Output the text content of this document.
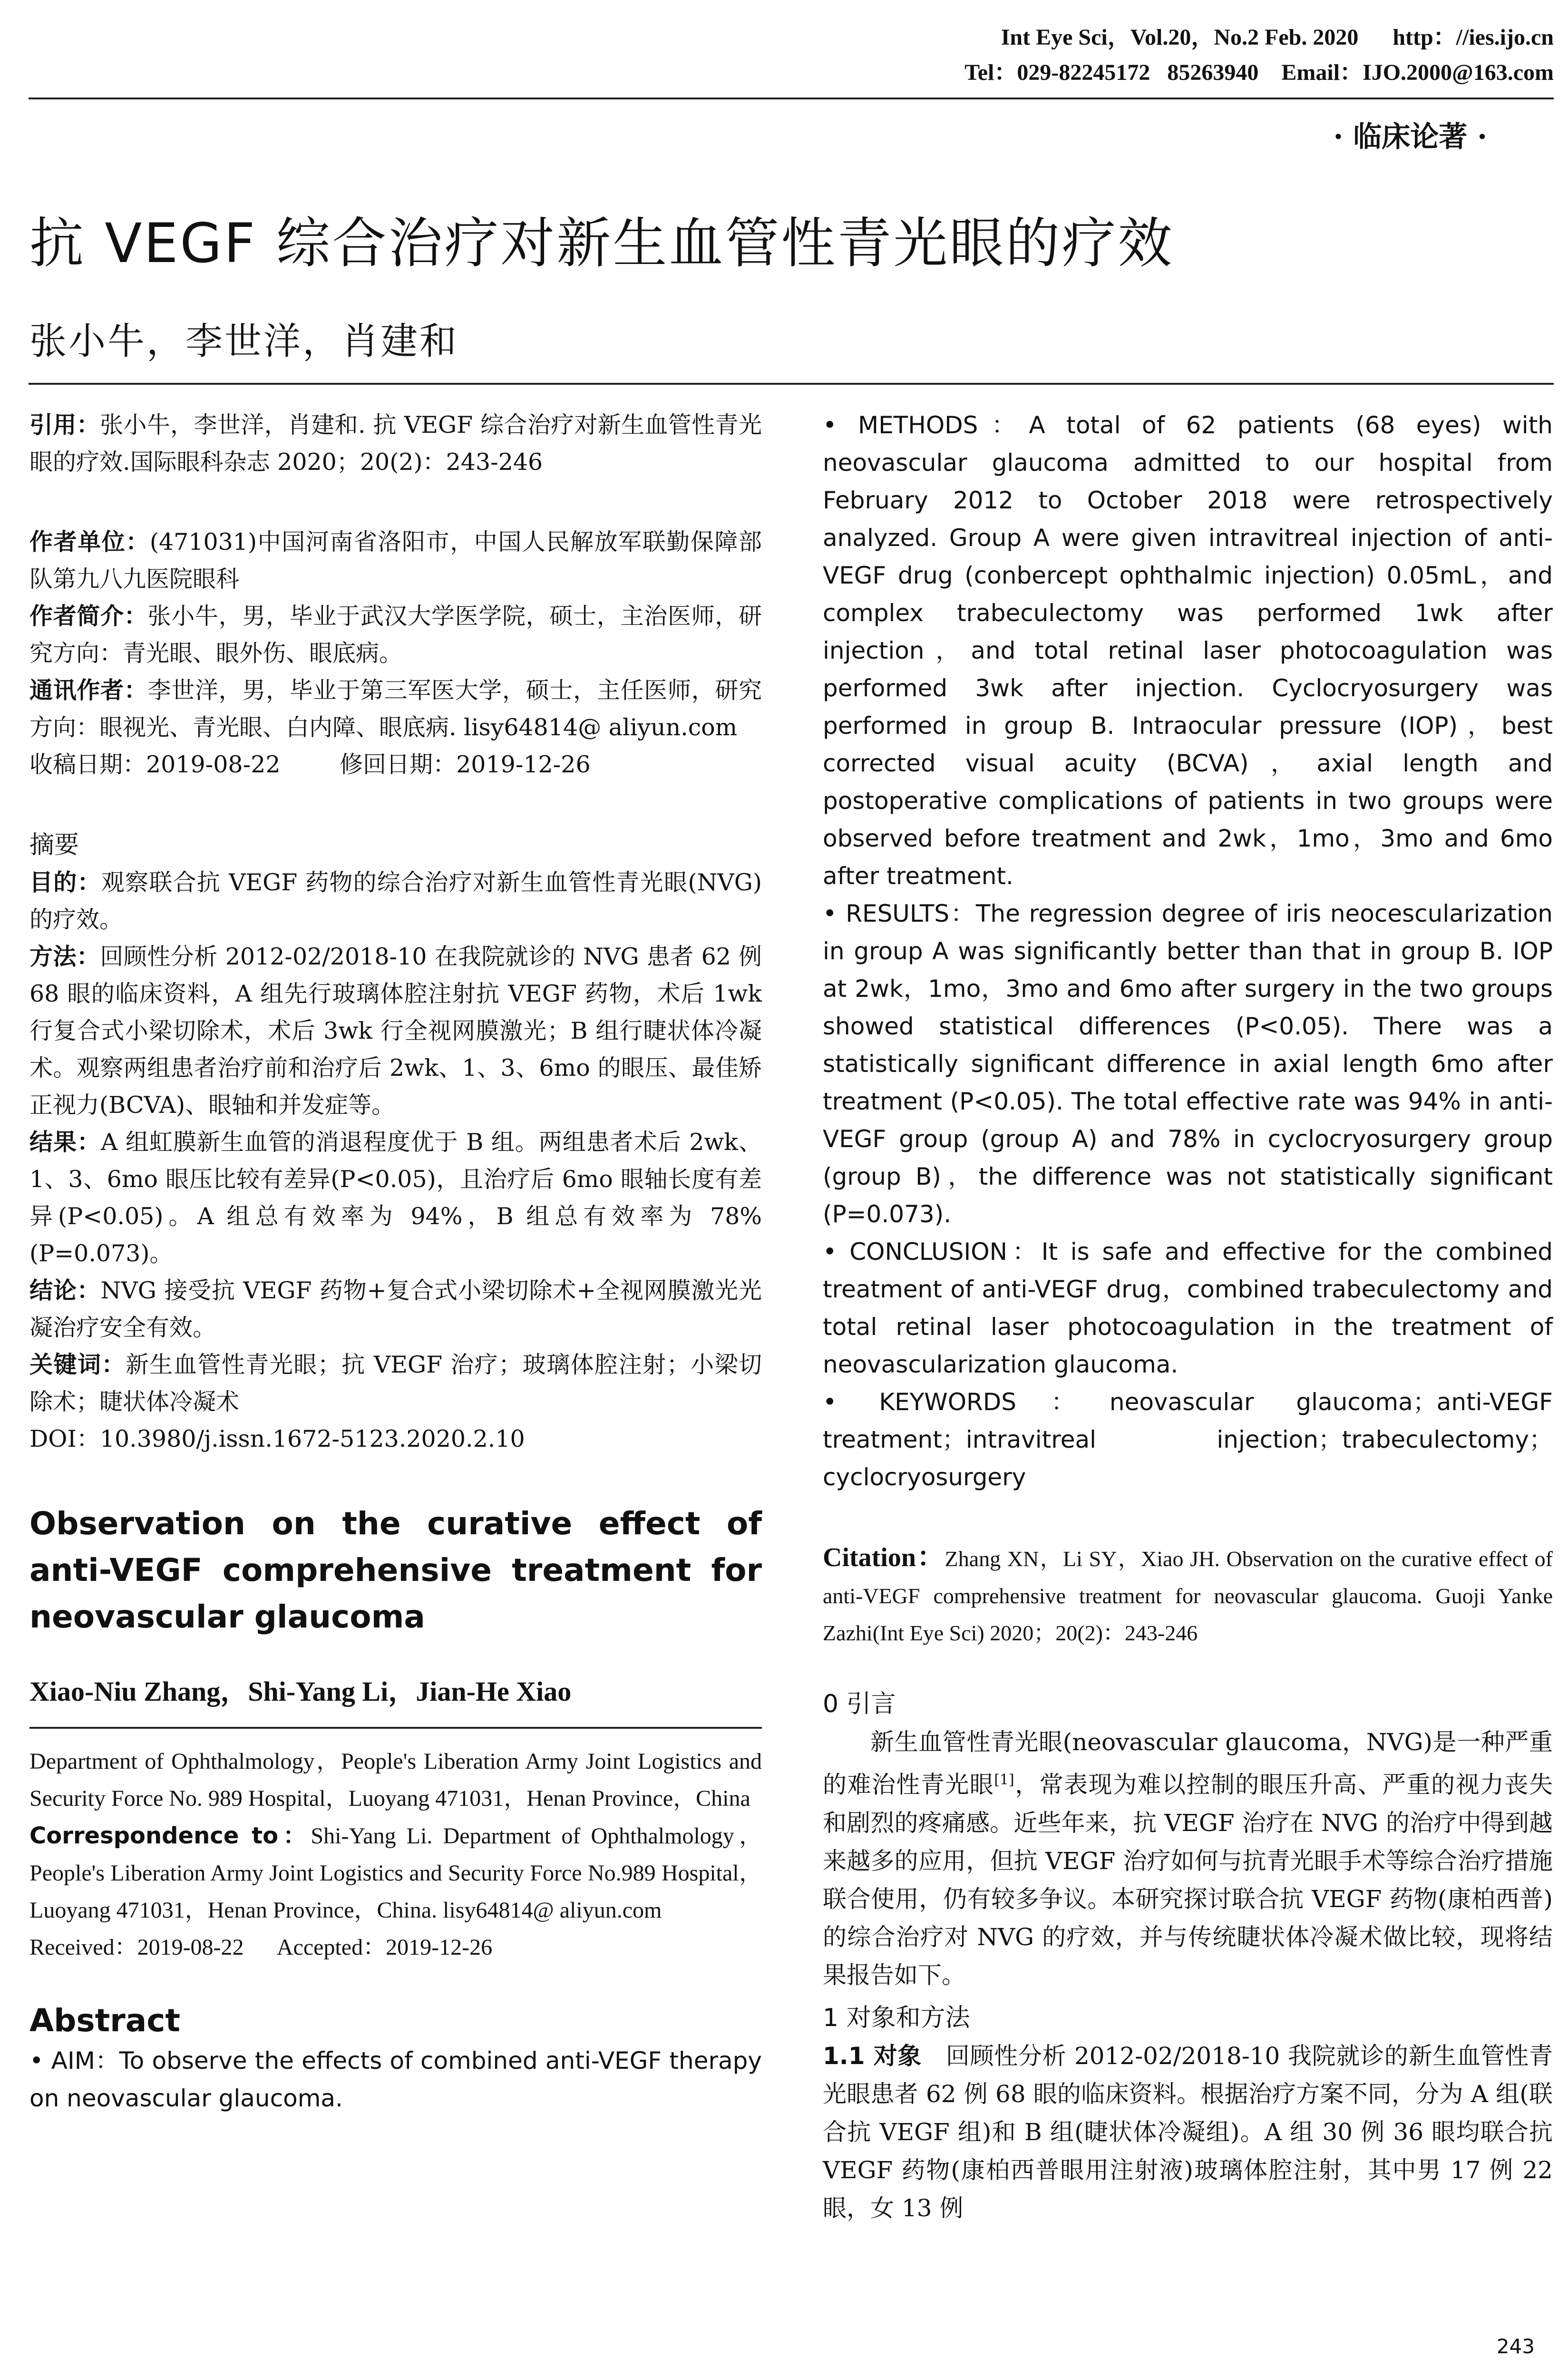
Int Eye Sci，Vol.20，No.2 Feb. 2020      http：//ies.ijo.cn
Tel：029-82245172   85263940    Email：IJO.2000@163.com
· 临床论著 ·
抗 VEGF 综合治疗对新生血管性青光眼的疗效
张小牛，李世洋，肖建和

引用：张小牛，李世洋，肖建和. 抗 VEGF 综合治疗对新生血管性青光眼的疗效.国际眼科杂志 2020；20(2)：243-246

作者单位：(471031)中国河南省洛阳市，中国人民解放军联勤保障部队第九八九医院眼科

作者简介：张小牛，男，毕业于武汉大学医学院，硕士，主治医师，研究方向：青光眼、眼外伤、眼底病。

通讯作者：李世洋，男，毕业于第三军医大学，硕士，主任医师，研究方向：眼视光、青光眼、白内障、眼底病. lisy64814@ aliyun.com

收稿日期：2019-08-22        修回日期：2019-12-26

摘要

目的：观察联合抗 VEGF 药物的综合治疗对新生血管性青光眼(NVG)的疗效。

方法：回顾性分析 2012-02/2018-10 在我院就诊的 NVG 患者 62 例 68 眼的临床资料，A 组先行玻璃体腔注射抗 VEGF 药物，术后 1wk 行复合式小梁切除术，术后 3wk 行全视网膜激光；B 组行睫状体冷凝术。观察两组患者治疗前和治疗后 2wk、1、3、6mo 的眼压、最佳矫正视力(BCVA)、眼轴和并发症等。

结果：A 组虹膜新生血管的消退程度优于 B 组。两组患者术后 2wk、1、3、6mo 眼压比较有差异(P<0.05)，且治疗后 6mo 眼轴长度有差异(P<0.05)。A 组总有效率为 94%，B 组总有效率为 78%(P=0.073)。

结论：NVG 接受抗 VEGF 药物+复合式小梁切除术+全视网膜激光光凝治疗安全有效。

关键词：新生血管性青光眼；抗 VEGF 治疗；玻璃体腔注射；小梁切除术；睫状体冷凝术

DOI：10.3980/j.issn.1672-5123.2020.2.10

Observation on the curative effect of anti-VEGF comprehensive treatment for neovascular glaucoma

Xiao-Niu Zhang，Shi-Yang Li，Jian-He Xiao

Department of Ophthalmology，People's Liberation Army Joint Logistics and Security Force No. 989 Hospital，Luoyang 471031，Henan Province，China

Correspondence to：Shi-Yang Li. Department of Ophthalmology，People's Liberation Army Joint Logistics and Security Force No.989 Hospital，Luoyang 471031，Henan Province，China. lisy64814@ aliyun.com

Received：2019-08-22      Accepted：2019-12-26

Abstract

• AIM：To observe the effects of combined anti-VEGF therapy on neovascular glaucoma.

• METHODS：A total of 62 patients (68 eyes) with neovascular glaucoma admitted to our hospital from February 2012 to October 2018 were retrospectively analyzed. Group A were given intravitreal injection of anti-VEGF drug (conbercept ophthalmic injection) 0.05mL，and complex trabeculectomy was performed 1wk after injection，and total retinal laser photocoagulation was performed 3wk after injection. Cyclocryosurgery was performed in group B. Intraocular pressure (IOP)，best corrected visual acuity (BCVA)，axial length and postoperative complications of patients in two groups were observed before treatment and 2wk，1mo，3mo and 6mo after treatment.

• RESULTS：The regression degree of iris neocescularization in group A was significantly better than that in group B. IOP at 2wk，1mo，3mo and 6mo after surgery in the two groups showed statistical differences (P<0.05). There was a statistically significant difference in axial length 6mo after treatment (P<0.05). The total effective rate was 94% in anti-VEGF group (group A) and 78% in cyclocryosurgery group (group B)，the difference was not statistically significant (P=0.073).

• CONCLUSION：It is safe and effective for the combined treatment of anti-VEGF drug，combined trabeculectomy and total retinal laser photocoagulation in the treatment of neovascularization glaucoma.

• KEYWORDS：neovascular glaucoma；anti-VEGF treatment；intravitreal injection；trabeculectomy；cyclocryosurgery

Citation：Zhang XN，Li SY，Xiao JH. Observation on the curative effect of anti-VEGF comprehensive treatment for neovascular glaucoma. Guoji Yanke Zazhi(Int Eye Sci) 2020；20(2)：243-246

0 引言

新生血管性青光眼(neovascular glaucoma，NVG)是一种严重的难治性青光眼[1]，常表现为难以控制的眼压升高、严重的视力丧失和剧烈的疼痛感。近些年来，抗 VEGF 治疗在 NVG 的治疗中得到越来越多的应用，但抗 VEGF 治疗如何与抗青光眼手术等综合治疗措施联合使用，仍有较多争议。本研究探讨联合抗 VEGF 药物(康柏西普)的综合治疗对 NVG 的疗效，并与传统睫状体冷凝术做比较，现将结果报告如下。

1 对象和方法

1.1 对象　 回顾性分析 2012-02/2018-10 我院就诊的新生血管性青光眼患者 62 例 68 眼的临床资料。根据治疗方案不同，分为 A 组(联合抗 VEGF 组)和 B 组(睫状体冷凝组)。A 组 30 例 36 眼均联合抗 VEGF 药物(康柏西普眼用注射液)玻璃体腔注射，其中男 17 例 22 眼，女 13 例

243
